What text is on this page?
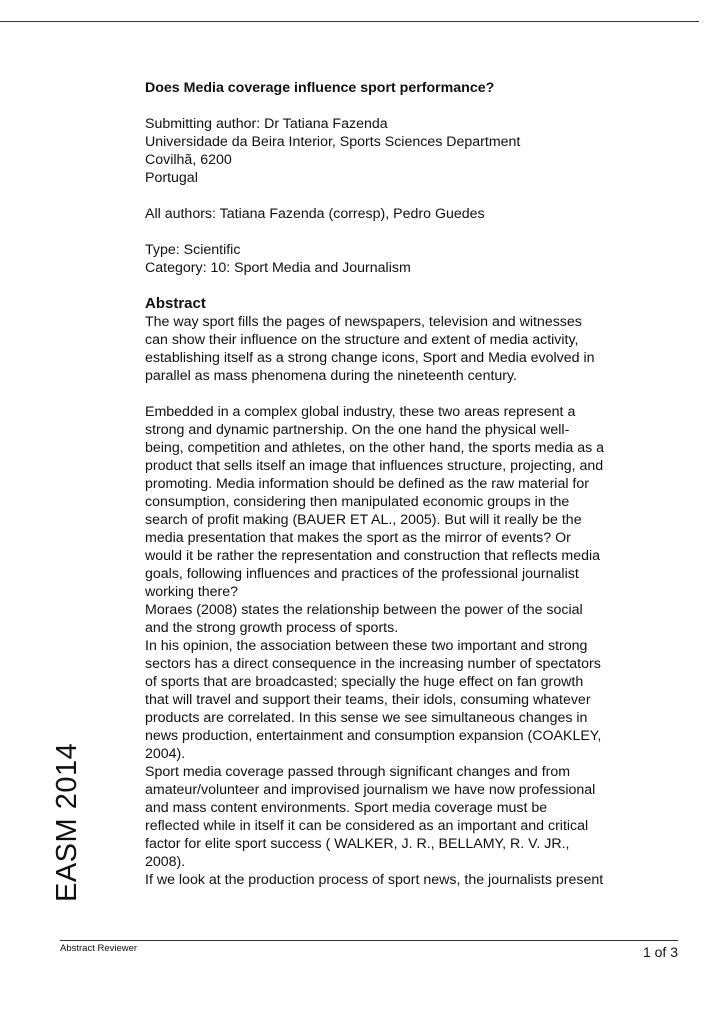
Does Media coverage influence sport performance?

Submitting author: Dr Tatiana Fazenda
Universidade da Beira Interior, Sports Sciences Department
Covilhã, 6200
Portugal
All authors: Tatiana Fazenda (corresp), Pedro Guedes
Type: Scientific
Category: 10: Sport Media and Journalism

Abstract

The way sport fills the pages of newspapers, television and witnesses
can show their influence on the structure and extent of media activity,
establishing itself as a strong change icons, Sport and Media evolved in
parallel as mass phenomena during the nineteenth century.
Embedded in a complex global industry, these two areas represent a
strong and dynamic partnership. On the one hand the physical well-
being, competition and athletes, on the other hand, the sports media as a
product that sells itself an image that influences structure, projecting, and
promoting. Media information should be defined as the raw material for
consumption, considering then manipulated economic groups in the
search of profit making (BAUER ET AL., 2005). But will it really be the
media presentation that makes the sport as the mirror of events? Or
would it be rather the representation and construction that reflects media
goals, following influences and practices of the professional journalist
working there?
Moraes (2008) states the relationship between the power of the social
and the strong growth process of sports.
In his opinion, the association between these two important and strong
sectors has a direct consequence in the increasing number of spectators
of sports that are broadcasted; specially the huge effect on fan growth
that will travel and support their teams, their idols, consuming whatever
products are correlated. In this sense we see simultaneous changes in
news production, entertainment and consumption expansion (COAKLEY,
2004).
Sport media coverage passed through significant changes and from
amateur/volunteer and improvised journalism we have now professional
and mass content environments. Sport media coverage must be
reflected while in itself it can be considered as an important and critical
factor for elite sport success ( WALKER, J. R., BELLAMY, R. V. JR.,
2008).
If we look at the production process of sport news, the journalists present
EASM 2014
Abstract Reviewer	1 of 3
